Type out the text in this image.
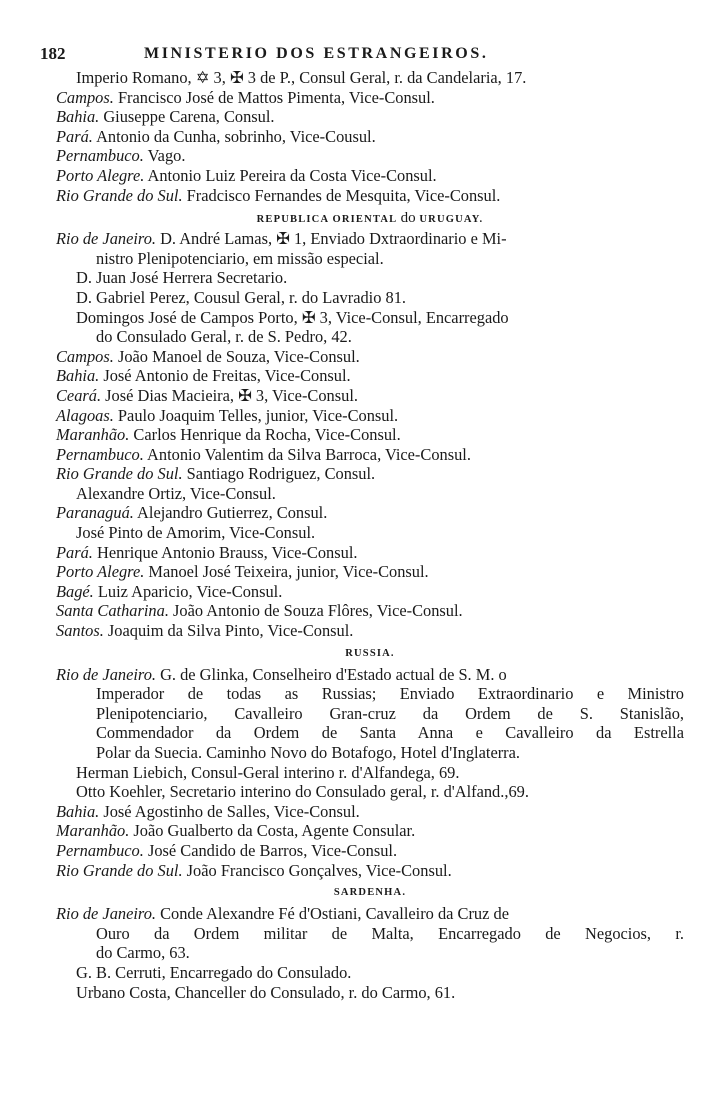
182	MINISTERIO DOS ESTRANGEIROS.
Imperio Romano, ✡ 3, ✠ 3 de P., Consul Geral, r. da Candelaria, 17.
Campos. Francisco José de Mattos Pimenta, Vice-Consul.
Bahia. Giuseppe Carena, Consul.
Pará. Antonio da Cunha, sobrinho, Vice-Cousul.
Pernambuco. Vago.
Porto Alegre. Antonio Luiz Pereira da Costa Vice-Consul.
Rio Grande do Sul. Fradcisco Fernandes de Mesquita, Vice-Consul.
REPUBLICA ORIENTAL do URUGUAY.
Rio de Janeiro. D. André Lamas, ✠ 1, Enviado Dxtraordinario e Mi-
nistro Plenipotenciario, em missão especial.
D. Juan José Herrera Secretario.
D. Gabriel Perez, Cousul Geral, r. do Lavradio 81.
Domingos José de Campos Porto, ✠ 3, Vice-Consul, Encarregado
do Consulado Geral, r. de S. Pedro, 42.
Campos. João Manoel de Souza, Vice-Consul.
Bahia. José Antonio de Freitas, Vice-Consul.
Ceará. José Dias Macieira, ✠ 3, Vice-Consul.
Alagoas. Paulo Joaquim Telles, junior, Vice-Consul.
Maranhão. Carlos Henrique da Rocha, Vice-Consul.
Pernambuco. Antonio Valentim da Silva Barroca, Vice-Consul.
Rio Grande do Sul. Santiago Rodriguez, Consul.
Alexandre Ortiz, Vice-Consul.
Paranaguá. Alejandro Gutierrez, Consul.
José Pinto de Amorim, Vice-Consul.
Pará. Henrique Antonio Brauss, Vice-Consul.
Porto Alegre. Manoel José Teixeira, junior, Vice-Consul.
Bagé. Luiz Aparicio, Vice-Consul.
Santa Catharina. João Antonio de Souza Flôres, Vice-Consul.
Santos. Joaquim da Silva Pinto, Vice-Consul.
RUSSIA.
Rio de Janeiro. G. de Glinka, Conselheiro d'Estado actual de S. M. o
Imperador de todas as Russias; Enviado Extraordinario e Ministro
Plenipotenciario, Cavalleiro Gran-cruz da Ordem de S. Stanislão,
Commendador da Ordem de Santa Anna e Cavalleiro da Estrella
Polar da Suecia. Caminho Novo do Botafogo, Hotel d'Inglaterra.
Herman Liebich, Consul-Geral interino r. d'Alfandega, 69.
Otto Koehler, Secretario interino do Consulado geral, r. d'Alfand.,69.
Bahia. José Agostinho de Salles, Vice-Consul.
Maranhão. João Gualberto da Costa, Agente Consular.
Pernambuco. José Candido de Barros, Vice-Consul.
Rio Grande do Sul. João Francisco Gonçalves, Vice-Consul.
SARDENHA.
Rio de Janeiro. Conde Alexandre Fé d'Ostiani, Cavalleiro da Cruz de
Ouro da Ordem militar de Malta, Encarregado de Negocios, r.
do Carmo, 63.
G. B. Cerruti, Encarregado do Consulado.
Urbano Costa, Chanceller do Consulado, r. do Carmo, 61.
